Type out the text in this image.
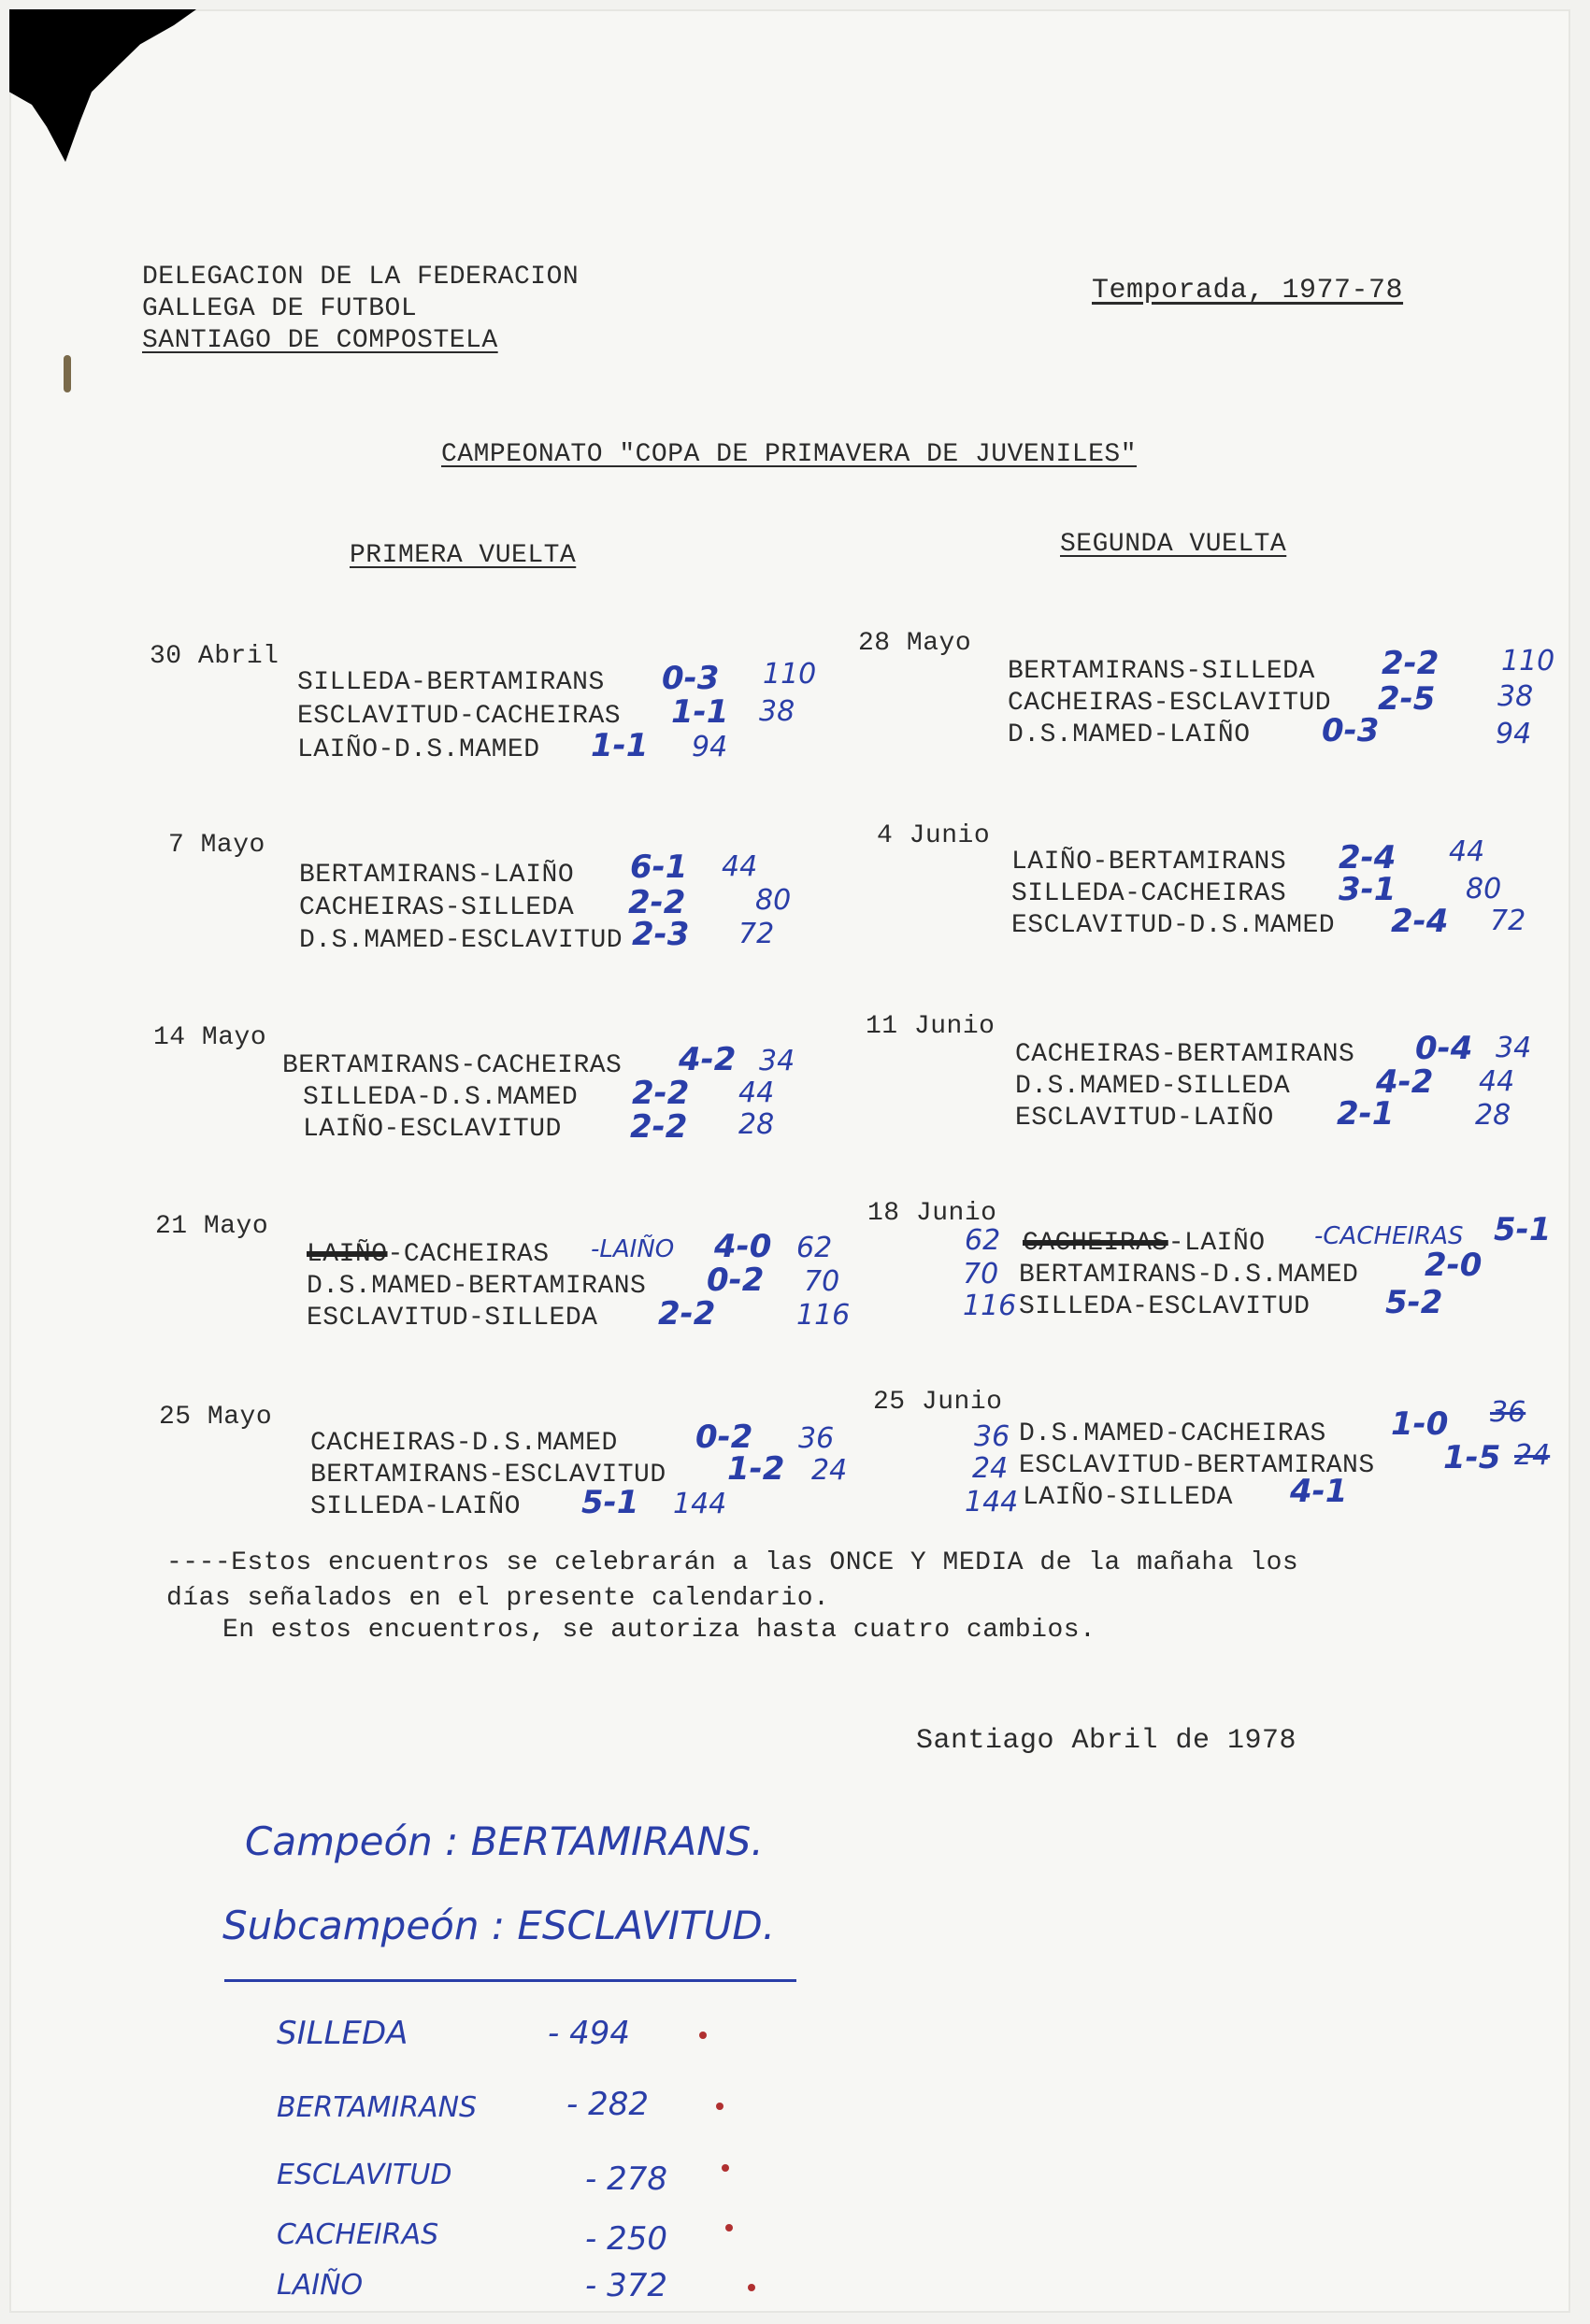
DELEGACION DE LA FEDERACION
GALLEGA DE FUTBOL
SANTIAGO DE COMPOSTELA
Temporada, 1977-78
CAMPEONATO "COPA DE PRIMAVERA DE JUVENILES"
PRIMERA VUELTA	SEGUNDA VUELTA
30 Abril
SILLEDA-BERTAMIRANS 0-3 110
ESCLAVITUD-CACHEIRAS 1-1 38
LAIÑO-D.S.MAMED 1-1 94
7 Mayo
BERTAMIRANS-LAIÑO 6-1 44
CACHEIRAS-SILLEDA 2-2 80
D.S.MAMED-ESCLAVITUD 2-3 72
14 Mayo
BERTAMIRANS-CACHEIRAS 4-2 34
SILLEDA-D.S.MAMED 2-2 44
LAIÑO-ESCLAVITUD 2-2 28
21 Mayo
LAIÑO-CACHEIRAS -LAIÑO 4-0 62
D.S.MAMED-BERTAMIRANS 0-2 70
ESCLAVITUD-SILLEDA 2-2	116
25 Mayo
CACHEIRAS-D.S.MAMED 0-2 36
BERTAMIRANS-ESCLAVITUD 1-2 24
SILLEDA-LAIÑO 5-1 144
28 Mayo
BERTAMIRANS-SILLEDA 2-2 110
CACHEIRAS-ESCLAVITUD 2-5 38
D.S.MAMED-LAIÑO 0-3	94
4 Junio
LAIÑO-BERTAMIRANS 2-4 44
SILLEDA-CACHEIRAS 3-1 80
ESCLAVITUD-D.S.MAMED 2-4 72
11 Junio
CACHEIRAS-BERTAMIRANS 0-4 34
D.S.MAMED-SILLEDA	4-2 44
ESCLAVITUD-LAIÑO 2-1	28
18 Junio
62 CACHEIRAS-LAIÑO -CACHEIRAS 5-1
70 BERTAMIRANS-D.S.MAMED 2-0
116 SILLEDA-ESCLAVITUD 5-2
25 Junio
36 D.S.MAMED-CACHEIRAS 1-0 36
24 ESCLAVITUD-BERTAMIRANS 1-5 24
144 LAIÑO-SILLEDA 4-1
----Estos encuentros se celebrarán a las ONCE Y MEDIA de la mañaha los
días señalados en el presente calendario.
En estos encuentros, se autoriza hasta cuatro cambios.
Santiago Abril de 1978
Campeón : BERTAMIRANS.
Subcampeón : ESCLAVITUD.
SILLEDA	- 494
BERTAMIRANS	- 282
ESCLAVITUD	- 278
CACHEIRAS	- 250
LAIÑO	- 372
